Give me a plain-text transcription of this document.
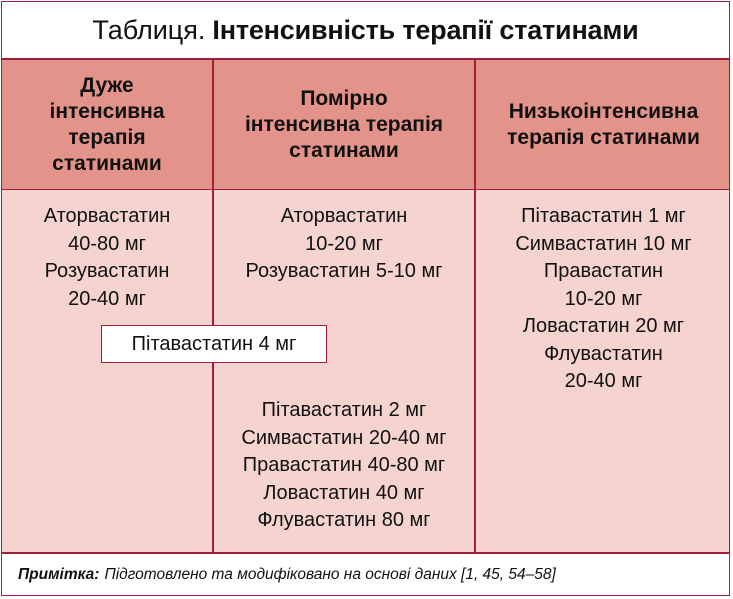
Таблиця. Інтенсивність терапії статинами
Дуже
інтенсивна
терапія
статинами
Помірно
інтенсивна терапія
статинами
Низькоінтенсивна
терапія статинами
Аторвастатин
40-80 мг
Розувастатин
20-40 мг
Аторвастатин
10-20 мг
Розувастатин 5-10 мг
Пітавастатин 4 мг
Пітавастатин 2 мг
Симвастатин 20-40 мг
Правастатин 40-80 мг
Ловастатин 40 мг
Флувастатин 80 мг
Пітавастатин 1 мг
Симвастатин 10 мг
Правастатин
10-20 мг
Ловастатин 20 мг
Флувастатин
20-40 мг
Примітка: Підготовлено та модифіковано на основі даних [1, 45, 54–58]
